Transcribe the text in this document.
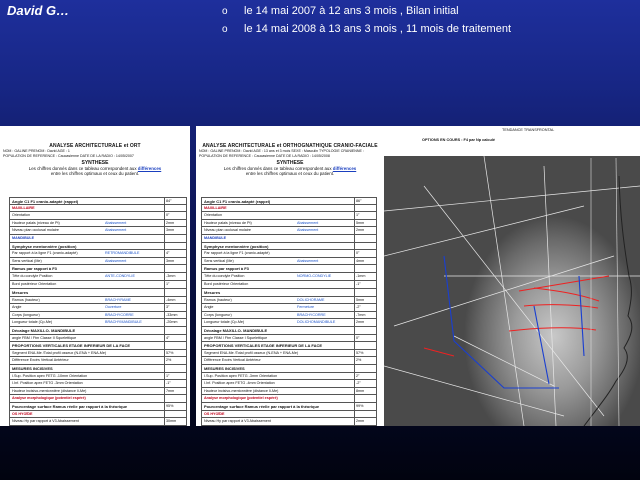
David G…	o le 14 mai 2007 à 12 ans 3 mois , Bilan initial
o le 14 mai 2008 à 13 ans 3 mois , 11 mois de traitement
ANALYSE ARCHITECTURALE et ORT
NOM : GALINE PRENOM : David AGE : 1
POPULATION DE REFERENCE : Caucasienne DATE DE LA RADIO : 14/05/2007
SYNTHESE
Les chiffres donnés dans ce tableau correspondent aux différences
entre les chiffres optimaux et ceux du patient.
Angle C1 F1 cranio-adapté (rappel)	84°
MAXILLAIRE
Orientation	0°
Hauteur palais (niveau de Pt)	Abaissement	2mm
Niveau plan occlusal molaire	Abaissement	3mm
MANDIBULE
Symphyse mentonnière (position)
Par rapport à la ligne F1 (cranio-adapté)	RETROMANDIBULE	4°
Sens vertical (Me)	Abaissement	3mm
Ramus par rapport à F3
Tête du condyle Position	ANTE-CONDYLIE	-3mm
Bord postérieur Orientation	1°
Mesures
Ramus (hauteur)	BRACHYRAME	-4mm
Angle	Ouverture	3°
Corps (longueur)	BRACHYCORRE	-33mm
Longueur totale (Cp-Me)	BRACHYMANDIBULE	-20mm
Décalage MAXILLO- MANDIBULE
angle FBM / Ftm Classe II Squelettique	4°
PROPORTIONS VERTICALES ETAGE INFERIEUR DE LA FACE
Segment ENA-Me /Total profil osseux (N-ENA + ENA-Me)	57%
Différence Excès Vertical Antérieur	2%
MESURES INCISIVES
I.Sup. Position apex FETG -10mm Orientation	1°
I.Inf. Position apex FETG -3mm Orientation	-1°
Hauteur incisivo-mentonnière (distance Ii-Me)	7mm
Analyse morphologique (potentiel espéré)
Pourcentage surface Ramus réelle par rapport à la théorique	95%
OS HYOÏDE
Niveau Hy par rapport à V3 Abaissement	30mm
ANALYSE ARCHITECTURALE et ORTHOGNATHIQUE CRANIO-FACIALE
NOM : GALINE PRENOM : David AGE : 13 ans et 3 mois SEXE : Masculin TYPOLOGIE CRANIENNE :
POPULATION DE REFERENCE : Caucasienne DATE DE LA RADIO : 14/05/2008
SYNTHESE
Les chiffres donnés dans ce tableau correspondent aux différences
entre les chiffres optimaux et ceux du patient.
Angle C1 F1 cranio-adapté (rappel)	86°
MAXILLAIRE
Orientation	1°
Hauteur palais (niveau de Pt)	Abaissement	5mm
Niveau plan occlusal molaire	Abaissement	2mm
MANDIBULE
Symphyse mentonnière (position)
Par rapport à la ligne F1 (cranio-adapté)	0°
Sens vertical (Me)	Abaissement	4mm
Ramus par rapport à F3
Tête du condyle Position	NORMO-CONDYLIE	-1mm
Bord postérieur Orientation	-1°
Mesures
Ramus (hauteur)	DOLICHORAME	5mm
Angle	Fermeture	-2°
Corps (longueur)	BRACHYCORRE	-7mm
Longueur totale (Cp-Me)	DOLICHOMANDIBULE	2mm
Décalage MAXILLO- MANDIBULE
angle FBM / Ftm Classe I Squelettique	0°
PROPORTIONS VERTICALES ETAGE INFERIEUR DE LA FACE
Segment ENA-Me /Total profil osseux (N-ENA + ENA-Me)	57%
Différence Excès Vertical Antérieur	2%
MESURES INCISIVES
I.Sup. Position apex FETG -3mm Orientation	2°
I.Inf. Position apex FETG -4mm Orientation	-2°
Hauteur incisivo-mentonnière (distance Ii-Me)	8mm
Analyse morphologique (potentiel espéré)
Pourcentage surface Ramus réelle par rapport à la théorique	99%
OS HYOÏDE
Niveau Hy par rapport à V3 Abaissement	2mm
TENDANCE TRANSFRONTAL
OPTIONS EN COURS : F4 par Np calculé
